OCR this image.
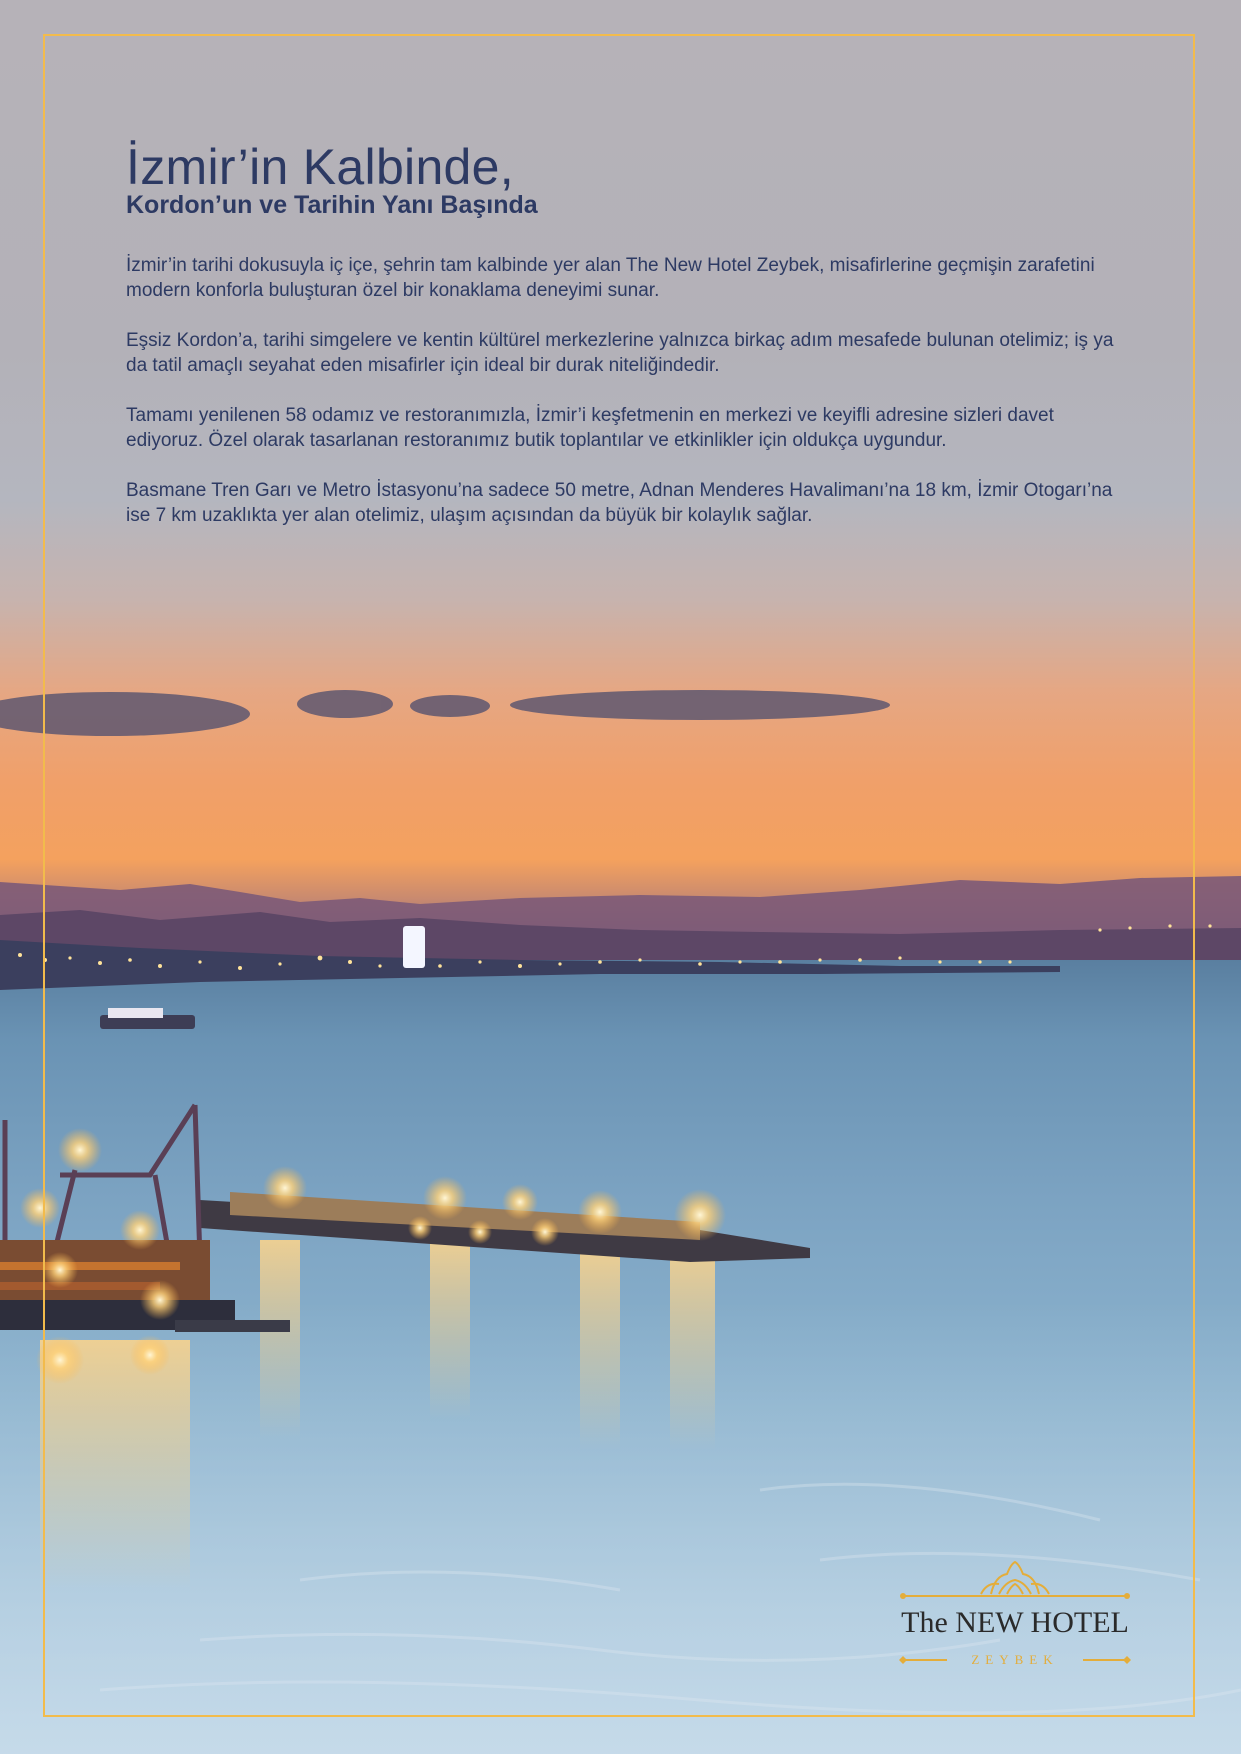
İzmir’in Kalbinde,
Kordon’un ve Tarihin Yanı Başında

İzmir’in tarihi dokusuyla iç içe, şehrin tam kalbinde yer alan The New Hotel Zeybek, misafirlerine geçmişin zarafetini modern konforla buluşturan özel bir konaklama deneyimi sunar.

Eşsiz Kordon’a, tarihi simgelere ve kentin kültürel merkezlerine yalnızca birkaç adım mesafede bulunan otelimiz; iş ya da tatil amaçlı seyahat eden misafirler için ideal bir durak niteliğindedir.

Tamamı yenilenen 58 odamız ve restoranımızla, İzmir’i keşfetmenin en merkezi ve keyifli adresine sizleri davet ediyoruz. Özel olarak tasarlanan restoranımız butik toplantılar ve etkinlikler için oldukça uygundur.

Basmane Tren Garı ve Metro İstasyonu’na sadece 50 metre, Adnan Menderes Havalimanı’na 18 km, İzmir Otogarı’na ise 7 km uzaklıkta yer alan otelimiz, ulaşım açısından da büyük bir kolaylık sağlar.

The NEW HOTEL
ZEYBEK
